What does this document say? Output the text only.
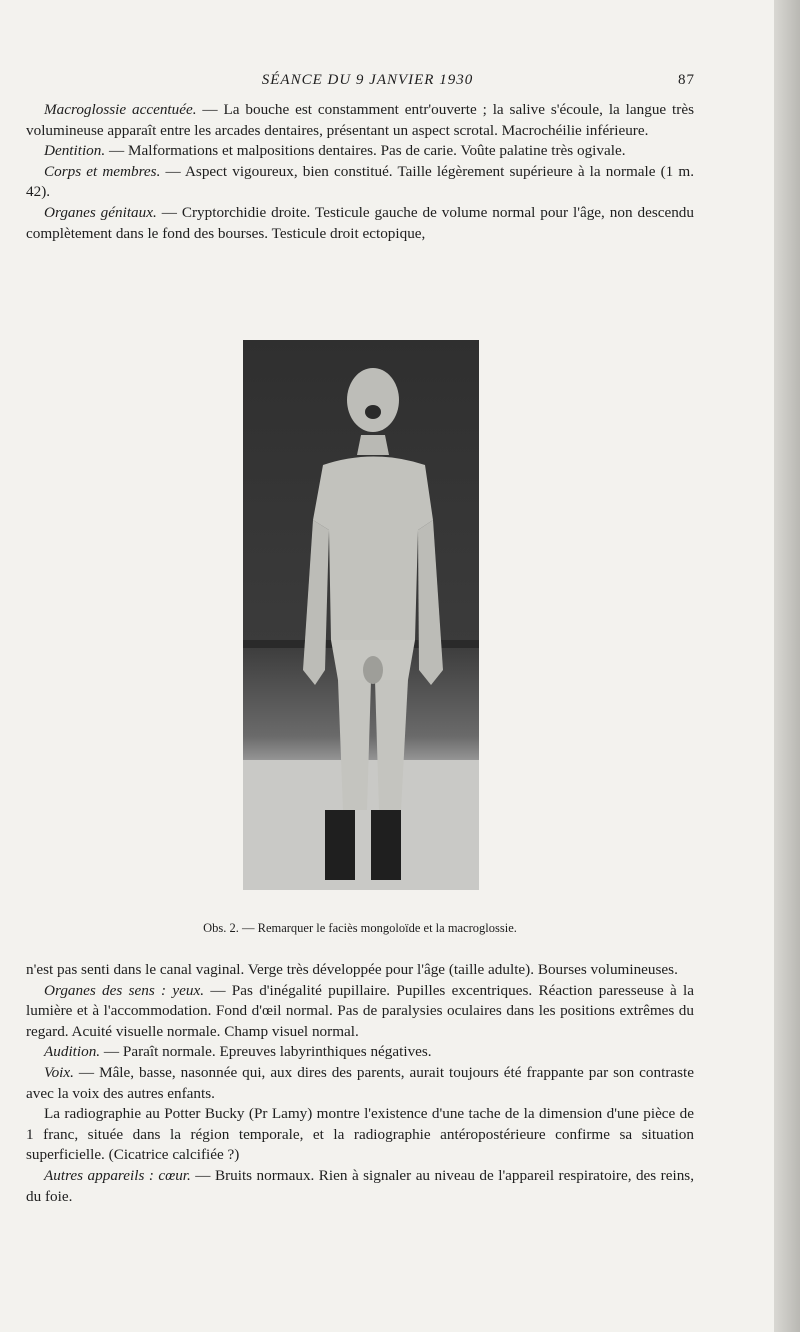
SÉANCE DU 9 JANVIER 1930	87

Macroglossie accentuée. — La bouche est constamment entr'ouverte ; la salive s'écoule, la langue très volumineuse apparaît entre les arcades dentaires, présentant un aspect scrotal. Macrochéilie inférieure.

Dentition. — Malformations et malpositions dentaires. Pas de carie. Voûte palatine très ogivale.

Corps et membres. — Aspect vigoureux, bien constitué. Taille légèrement supérieure à la normale (1 m. 42).

Organes génitaux. — Cryptorchidie droite. Testicule gauche de volume normal pour l'âge, non descendu complètement dans le fond des bourses. Testicule droit ectopique,

Obs. 2. — Remarquer le faciès mongoloïde et la macroglossie.

n'est pas senti dans le canal vaginal. Verge très développée pour l'âge (taille adulte). Bourses volumineuses.

Organes des sens : yeux. — Pas d'inégalité pupillaire. Pupilles excentriques. Réaction paresseuse à la lumière et à l'accommodation. Fond d'œil normal. Pas de paralysies oculaires dans les positions extrêmes du regard. Acuité visuelle normale. Champ visuel normal.

Audition. — Paraît normale. Epreuves labyrinthiques négatives.

Voix. — Mâle, basse, nasonnée qui, aux dires des parents, aurait toujours été frappante par son contraste avec la voix des autres enfants.

La radiographie au Potter Bucky (Pr Lamy) montre l'existence d'une tache de la dimension d'une pièce de 1 franc, située dans la région temporale, et la radiographie antéropostérieure confirme sa situation superficielle. (Cicatrice calcifiée ?)

Autres appareils : cœur. — Bruits normaux. Rien à signaler au niveau de l'appareil respiratoire, des reins, du foie.
